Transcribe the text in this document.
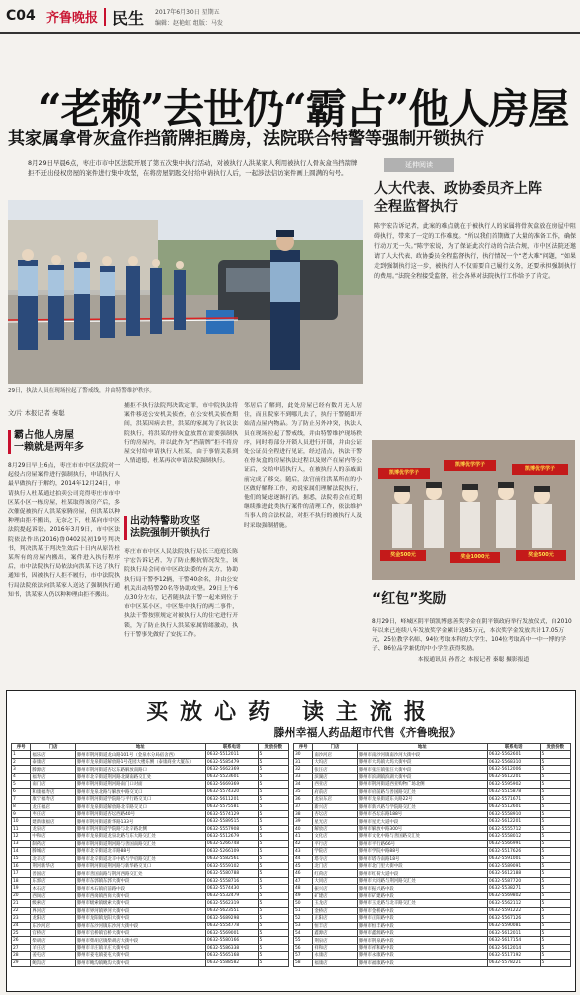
C04 齐鲁晚报 民生 2017年6月30日 星期五
编辑：赵艳虹 组版：马发
“老赖”去世仍“霸占”他人房屋
其家属拿骨灰盒作挡箭牌拒腾房，法院联合特警等强制开锁执行
8月29日早晨6点，枣庄市市中区法院开展了第五次集中执行活动，对被执行人洪某家人利用被执行人骨灰盒当挡箭牌拒不迁出侵权房屋的案件进行集中攻坚，在将房屋钥匙交付给申请执行人后，一起涉法信访案件画上圆满的句号。
29日，执法人员在现场拉起了警戒线，并由特警维护秩序。
文/片 本报记者 秦聪
霸占他人房屋
一赖就是两年多
8月29日早上6点，枣庄市市中区法院对一起侵占房屋案件进行强制执行，申请执行人最早做执行于解约，2014年12月24日，申请执行人杜某通过拍卖公司竞得枣庄市市中区某小区一栋房屋，杜某取得该房产后，多次催促被执行人洪某家腾房屋，但洪某以种种理由拒不搬出，无奈之下，杜某向市中区法院提起诉讼。2016年3月9日，市中区法院依法作出(2016)鲁0402民初19号判决书，判决洪某于判决生效后十日内从原告杜某所有的房屋内搬出，案件进入执行程序后，市中法院执行局依法向洪某下达了执行通知书，因被执行人拒不履行，市中法院执行局法院依法向洪某家人送达了强制执行通知书，洪某家人仍以种种理由拒不搬出。
捕拒不执行法院判决裁定罪，市中院执法将案件移送公安机关侦查，在公安机关侦查期间，洪某因病去世，洪某的家属为了抗议法院执行，将洪某的骨灰盒放置在需要强制执行的房屋内，并以此作为“挡箭牌”拒不将房屋交付给申请执行人杜某，由于事情关系到人情道德，杜某再次申请法院强制执行。
出动特警助攻坚
法院强制开锁执行
枣庄市市中区人民法院执行局长三庭庭长陈宇宏告诉记者，为了防止搬抗情况发生，该院执行局会同市中区政法委的有关方，协助执行局干警李12辆，干警40余名，并由公安机关出动特警20名等协助攻坚。29日上午6点30分左右，记者随执法干警一起来到位于市中区某小区，中区集中执行的两二事件，执法干警按照规定对被执行人的住宅进行开锁，为了防止执行人洪某家属情绪激动，执行干警事先做好了安抚工作。
邻居后了解到，此处房屋已经有数月无人居住，而且院家不到哪儿去了，执行干警随即开始清点屋内物品。为了防止另外冲突，执法人员在现场拉起了警戒线，并由特警维护现场秩序，同时将部分开锁人员进行开锁，并由公证处公证员全程进行见证，经过清点，执法干警在骨灰盒的房屋执法过程以及财产在屋内等公证后，交给申请执行人，在被执行人的亲戚面前完成了移交。随后，法官前往洪某所在的小区做好解释工作，劝说家属们理解法院执行，他们的疑虑逐渐打消。据悉，法院将会在近期继续推进此类执行案件的清理工作，依法维护当事人的合法权益，对拒不执行的被执行人及时采取强制措施。
延伸阅读
人大代表、政协委员齐上阵
全程监督执行
陈宇宏告诉记者，此案的难点就在于被执行人的家属将骨灰盒放在房屋中阻碍执行，带来了一定的工作难度。“所以我们首期做了大量的准备工作，确保行动万无一失。”陈宇宏说，为了保证此次行动的合法合规，市中区法院还邀请了人大代表、政协委员全程监督执行，执行情况一个“老大难”问题，“如果走到强制执行这一步，被执行人不仅需要自己履行义务，还要承担强制执行的费用。”法院全程接受监督，社会各界对法院执行工作给予了肯定。
凯博优学学子
凯博优学学子
凯博优学学子
奖金500元	奖金1000元	奖金500元
“红包”奖励
8月29日，峄城区阴平镇凯博慈善奖学金在阴平镇政府举行发放仪式，自2010年以来已连续八年发放奖学金累计达85万元，本次奖学金发放共计17.05万元，25位教学名师、94位考取本科的大学生、104位考取高中一中一博的学子、86位品学兼优的中小学生获得奖励。
本报通讯员 孙普之 本报记者 秦聪 摄影报道
买放心药 读主流报
滕州幸福人药品超市代售《齐鲁晚报》
序号	门店	地址	联系电话	发放份数
1	福乐店	滕州市荆河街道龙山路101号（金泉水分局宿舍西）	0632-5512011	5
2	泰康店	滕州市龙泉街道解放路1号花园大楼东侧（泰康商业大厦东）	0632-5585479	5
3	滕源店	滕州市荆河街道杏坛东路解放南路口	0632-5662369	5
4	福寿店	滕州市北辛街道荆河路北湖南路交汇处	0632-5523601	5
5	南门店	滕州市荆河街道荆河路南门口对面	0632-5669369	5
6	和康福寿店	滕州市龙泉北路与解放中路交叉口	0632-5574320	5
7	康宁福寿店	滕州市荆河街道学院路与平行路交叉口	0632-5611201	5
8	龙庄福店	滕州市龙泉街道解放路北辛路交叉口	0632-5575581	5
9	枣庄店	滕州市荆河街道杏坛西路40号	0632-5574129	5
10	建新康福店	滕州市荆河街道新华路133号	0632-5589515	5
11	龙泉店	滕州市荆河街道学院路与北辛路北侧	0632-5557908	5
12	中和店	滕州市龙泉街道龙泉北路与东大路交汇处	0632-5512679	5
13	制药店	滕州市荆河街道荆河路与善国南路交汇处	0632-5266748	5
14	滕城店	滕州市北辛街道北辛路88号	0632-5266109	5
15	北辛店	滕州市北辛街道北辛中路与学府路交汇处	0632-5582561	5
16	荆河新华店	滕州市荆河街道荆河路与新华路交叉口	0632-5559102	5
17	善国店	滕州市善国南路与荆河西路交汇处	0632-5580788	5
18	东郭店	滕州市东郭镇东郭大街中段	0632-5558716	5
19	木石店	滕州市木石镇府前路中段	0632-5574430	5
20	西岗店	滕州市西岗镇西岗大街中段	0632-5532479	5
21	级索店	滕州市级索镇级索大街中段	0632-5562319	5
22	界河店	滕州市界河镇界河大街中段	0632-5623551	5
23	龙阳店	滕州市龙阳镇龙阳大街中段	0632-5689298	5
24	东沙河店	滕州市东沙河镇东沙河大街中段	0632-5554778	5
25	官桥店	滕州市官桥镇官桥大街中段	0632-5569001	5
26	柴胡店	滕州市柴胡店镇柴胡店大街中段	0632-5580166	5
27	羊庄店	滕州市羊庄镇羊庄大街中段	0632-5586338	5
28	姜屯店	滕州市姜屯镇姜屯大街中段	0632-5565168	5
29	鲍沟店	滕州市鲍沟镇鲍沟大街中段	0632-5588582	5
序号	门店	地址	联系电话	发放份数
30	南沙河店	滕州市南沙河镇南沙河大街中段	0632-5562601	5
31	大坞店	滕州市大坞镇大坞大街中段	0632-5568310	5
32	张汪店	滕州市张汪镇张汪大街中段	0632-5612006	5
33	滨湖店	滕州市滨湖镇滨湖大街中段	0632-5612201	5
34	西亚店	滕州市荆河街道西亚购物广场北侧	0632-5595902	5
35	府前店	滕州市府前路与善国路交汇处	0632-5515878	5
36	龙泉东店	滕州市龙泉街道东关路22号	0632-5571671	5
37	新兴店	滕州市新兴路与学院路交汇处	0632-5512601	5
38	杏坛店	滕州市杏坛东路188号	0632-5558910	5
39	星光店	滕州市星光大道中段	0632-5612201	5
40	解放店	滕州市解放中路300号	0632-5555712	5
41	文化店	滕州市文化中路与善国路交汇处	0632-5558012	5
42	平行店	滕州市平行路66号	0632-5566991	5
43	学院店	滕州市学院中路88号	0632-5517626	5
44	塔寺店	滕州市塔寺南路18号	0632-5591001	5
45	北门店	滕州市北门里大街中段	0632-5589091	5
46	红荷店	滕州市红荷大道中段	0632-5612188	5
47	大同店	滕州市大同路与荆河路交汇处	0632-5587720	5
48	振兴店	滕州市振兴路中段	0632-5538271	5
49	矿建店	滕州市矿建路中段	0632-5569802	5
50	玉龙店	滕州市玉龙路与北辛路交汇处	0632-5562112	5
51	金桥店	滕州市金桥路中段	0632-5591222	5
52	正阳店	滕州市正阳路中段	0632-5567126	5
53	恒丰店	滕州市恒丰路中段	0632-5590081	5
54	鑫源店	滕州市鑫源路中段	0632-5612011	5
55	荆泉店	滕州市荆泉路中段	0632-5617154	5
56	祥和店	滕州市祥和路中段	0632-5612014	5
57	永康店	滕州市永康路中段	0632-5517192	5
58	福康店	滕州市福康路中段	0632-5578221	5
